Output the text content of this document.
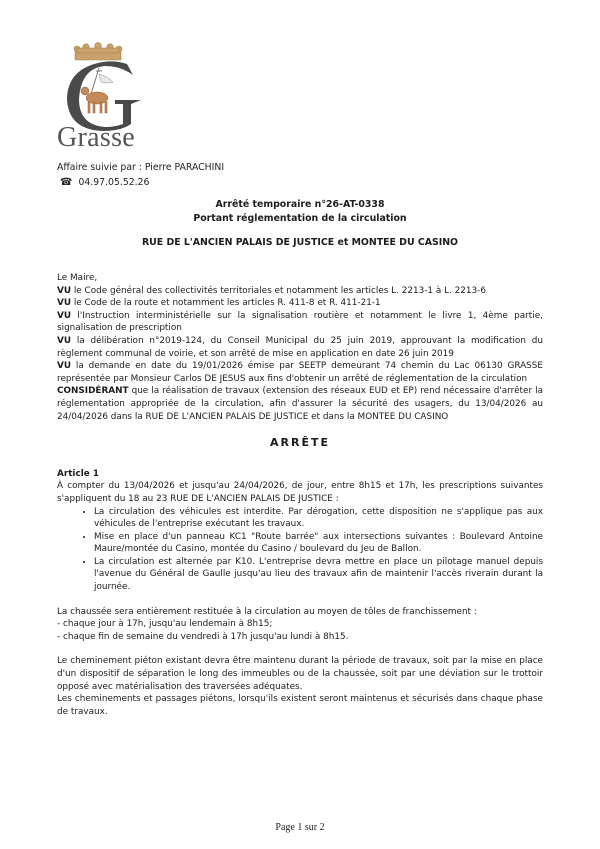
Grasse
Affaire suivie par : Pierre PARACHINI
☎ 04.97.05.52.26
Arrêté temporaire n°26-AT-0338
Portant réglementation de la circulation
RUE DE L'ANCIEN PALAIS DE JUSTICE et MONTEE DU CASINO

Le Maire,

VU le Code général des collectivités territoriales et notamment les articles L. 2213-1 à L. 2213-6

VU le Code de la route et notamment les articles R. 411-8 et R. 411-21-1

VU l'Instruction interministérielle sur la signalisation routière et notamment le livre 1, 4ème partie, signalisation de prescription

VU la délibération n°2019-124, du Conseil Municipal du 25 juin 2019, approuvant la modification du règlement communal de voirie, et son arrêté de mise en application en date 26 juin 2019

VU la demande en date du 19/01/2026 émise par SEETP demeurant 74 chemin du Lac 06130 GRASSE représentée par Monsieur Carlos DE JESUS aux fins d'obtenir un arrêté de réglementation de la circulation

CONSIDÉRANT que la réalisation de travaux (extension des réseaux EUD et EP) rend nécessaire d'arrêter la réglementation appropriée de la circulation, afin d'assurer la sécurité des usagers, du 13/04/2026 au 24/04/2026 dans la RUE DE L'ANCIEN PALAIS DE JUSTICE et dans la MONTEE DU CASINO

ARRÊTE

Article 1

À compter du 13/04/2026 et jusqu'au 24/04/2026, de jour, entre 8h15 et 17h, les prescriptions suivantes s'appliquent du 18 au 23 RUE DE L'ANCIEN PALAIS DE JUSTICE :

• La circulation des véhicules est interdite. Par dérogation, cette disposition ne s'applique pas aux véhicules de l'entreprise exécutant les travaux.
• Mise en place d'un panneau KC1 "Route barrée" aux intersections suivantes : Boulevard Antoine Maure/montée du Casino, montée du Casino / boulevard du Jeu de Ballon.
• La circulation est alternée par K10. L'entreprise devra mettre en place un pilotage manuel depuis l'avenue du Général de Gaulle jusqu'au lieu des travaux afin de maintenir l'accès riverain durant la journée.

La chaussée sera entièrement restituée à la circulation au moyen de tôles de franchissement :

- chaque jour à 17h, jusqu'au lendemain à 8h15;

- chaque fin de semaine du vendredi à 17h jusqu'au lundi à 8h15.

Le cheminement piéton existant devra être maintenu durant la période de travaux, soit par la mise en place d'un dispositif de séparation le long des immeubles ou de la chaussée, soit par une déviation sur le trottoir opposé avec matérialisation des traversées adéquates.

Les cheminements et passages piétons, lorsqu'ils existent seront maintenus et sécurisés dans chaque phase de travaux.

Page 1 sur 2
